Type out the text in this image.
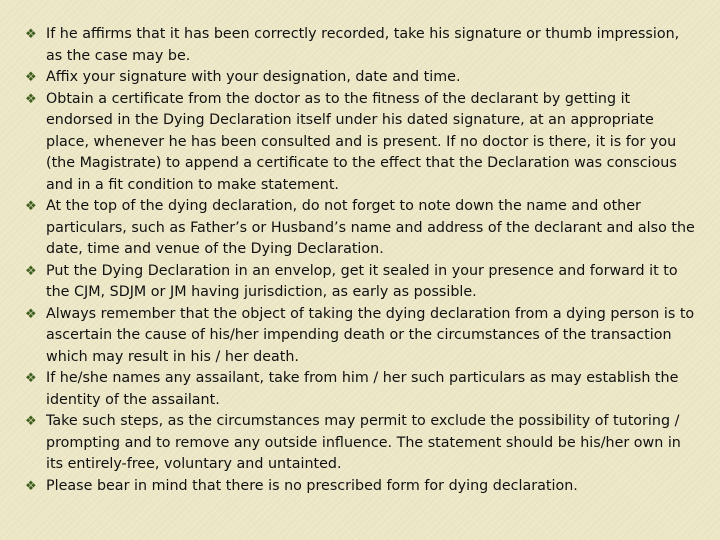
❖ If he affirms that it has been correctly recorded, take his signature or thumb impression, as the case may be.
❖ Affix your signature with your designation, date and time.
❖ Obtain a certificate from the doctor as to the fitness of the declarant by getting it endorsed in the Dying Declaration itself under his dated signature, at an appropriate place, whenever he has been consulted and is present. If no doctor is there, it is for you (the Magistrate) to append a certificate to the effect that the Declaration was conscious and in a fit condition to make statement.
❖ At the top of the dying declaration, do not forget to note down the name and other particulars, such as Father’s or Husband’s name and address of the declarant and also the date, time and venue of the Dying Declaration.
❖ Put the Dying Declaration in an envelop, get it sealed in your presence and forward it to the CJM, SDJM or JM having jurisdiction, as early as possible.
❖ Always remember that the object of taking the dying declaration from a dying person is to ascertain the cause of his/her impending death or the circumstances of the transaction which may result in his / her death.
❖ If he/she names any assailant, take from him / her such particulars as may establish the identity of the assailant.
❖ Take such steps, as the circumstances may permit to exclude the possibility of tutoring / prompting and to remove any outside influence. The statement should be his/her own in its entirely-free, voluntary and untainted.
❖ Please bear in mind that there is no prescribed form for dying declaration.
